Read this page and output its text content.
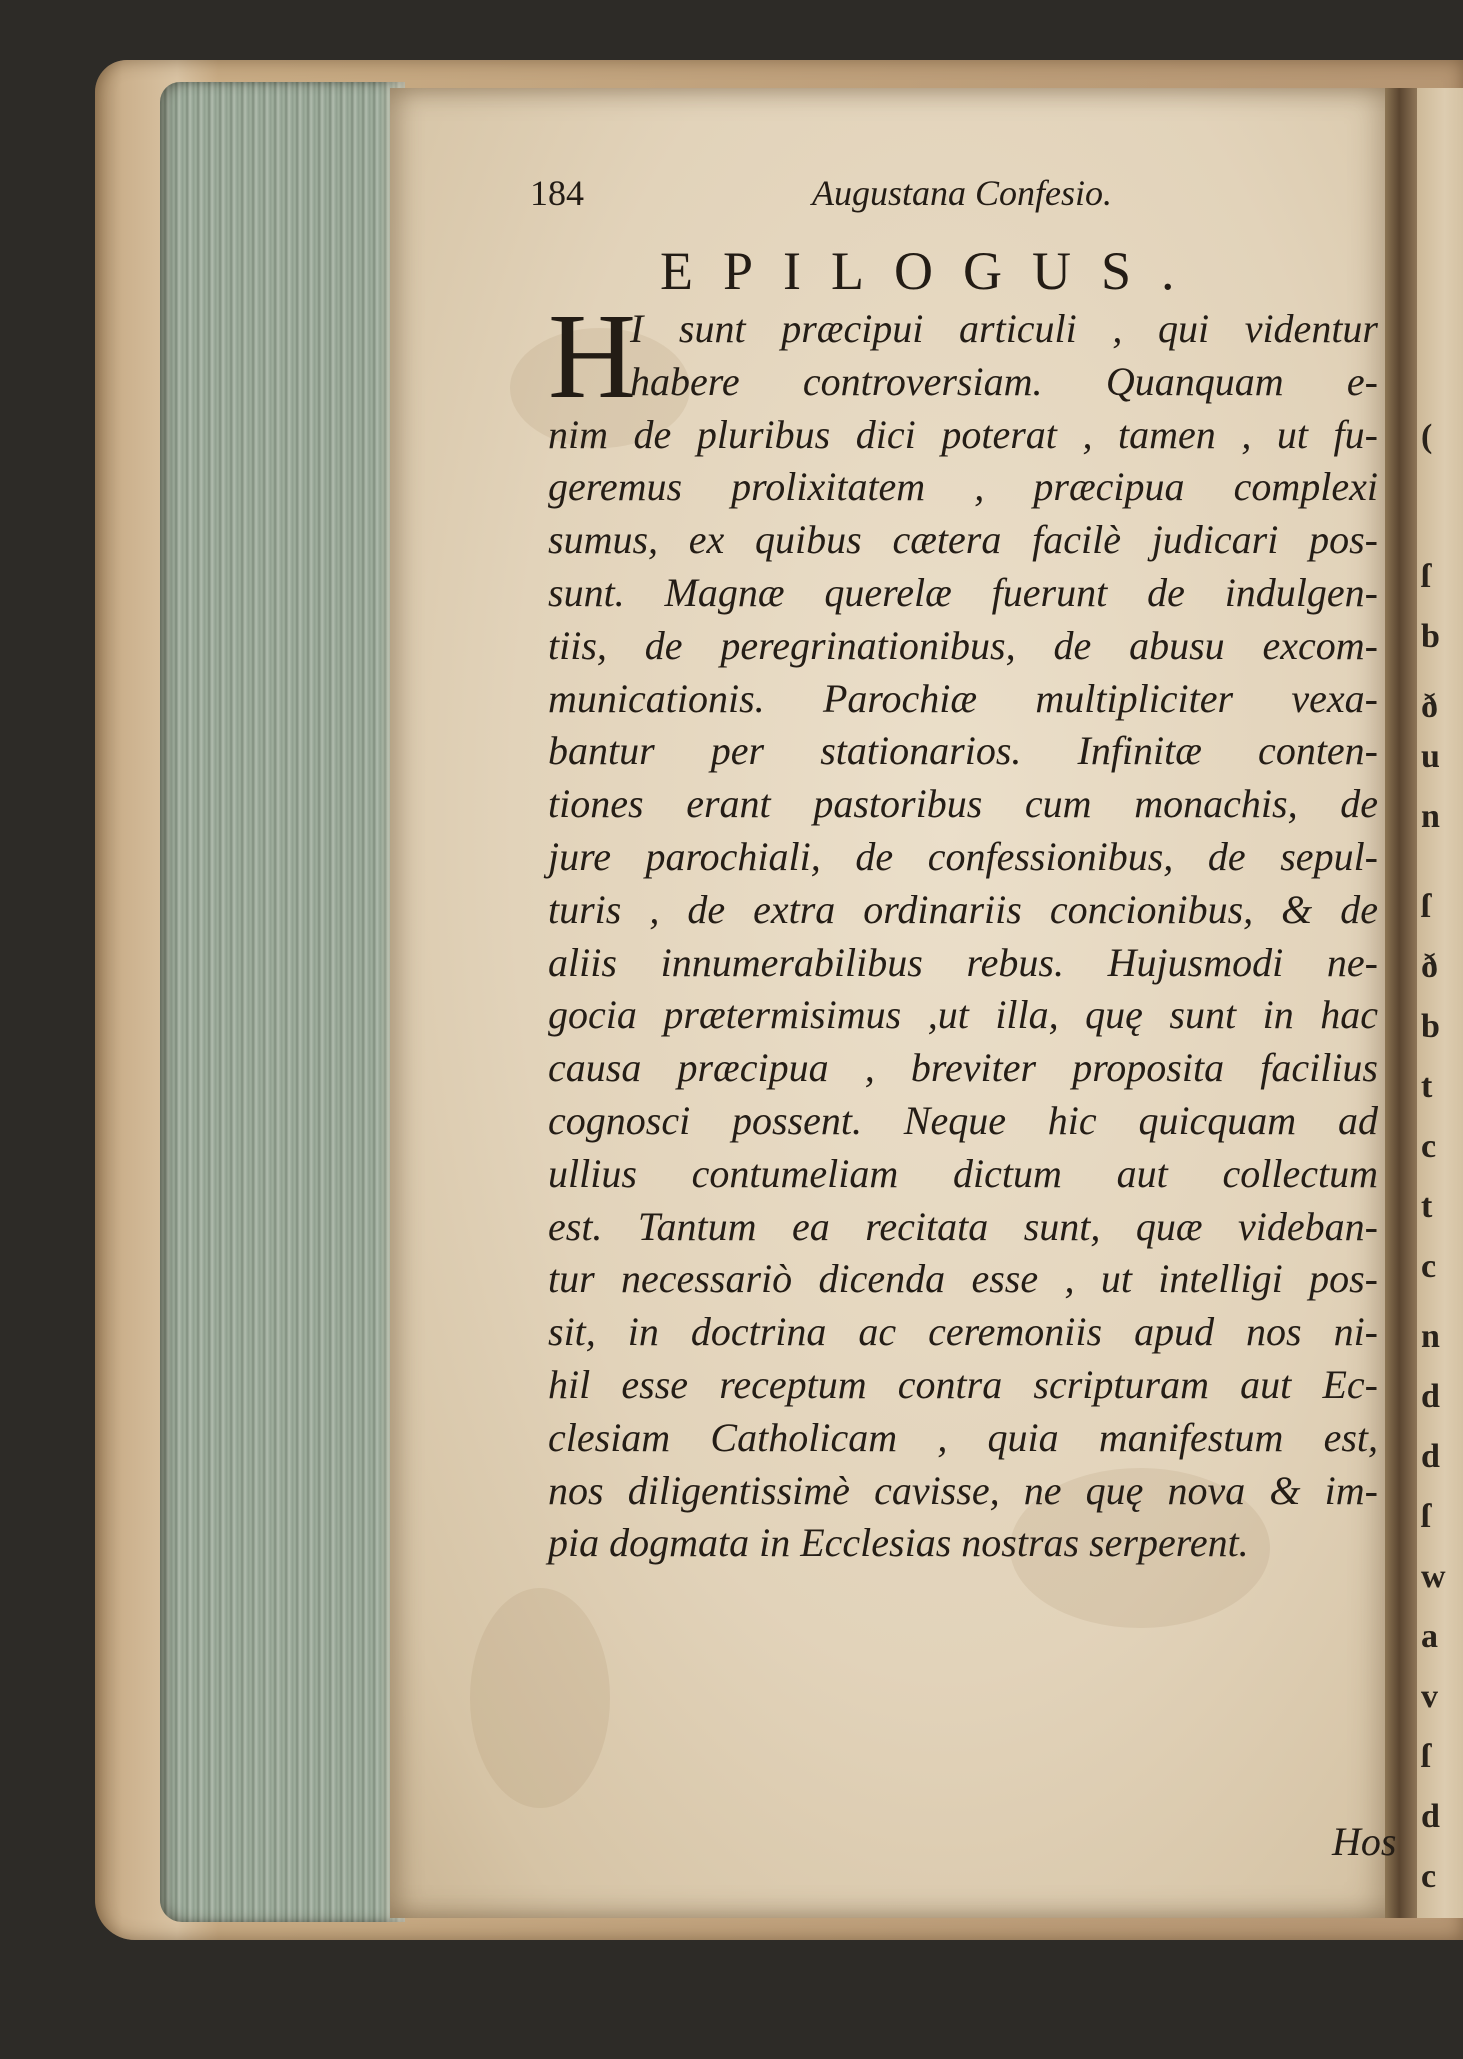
(
ſ
b
ð
u
n
ſ
ð
b
t
c
t
c
n
d
d
ſ
w
a
v
ſ
d
c
184	Augustana Confesio.
EPILOGUS.
H
I sunt præcipui articuli , qui videntur
habere controversiam. Quanquam e-
nim de pluribus dici poterat , tamen , ut fu-
geremus prolixitatem , præcipua complexi
sumus, ex quibus cætera facilè judicari pos-
sunt. Magnæ querelæ fuerunt de indulgen-
tiis, de peregrinationibus, de abusu excom-
municationis. Parochiæ multipliciter vexa-
bantur per stationarios. Infinitæ conten-
tiones erant pastoribus cum monachis, de
jure parochiali, de confessionibus, de sepul-
turis , de extra ordinariis concionibus, & de
aliis innumerabilibus rebus. Hujusmodi ne-
gocia prætermisimus ,ut illa, quę sunt in hac
causa præcipua , breviter proposita facilius
cognosci possent. Neque hic quicquam ad
ullius contumeliam dictum aut collectum
est. Tantum ea recitata sunt, quæ videban-
tur necessariò dicenda esse , ut intelligi pos-
sit, in doctrina ac ceremoniis apud nos ni-
hil esse receptum contra scripturam aut Ec-
clesiam Catholicam , quia manifestum est,
nos diligentissimè cavisse, ne quę nova & im-
pia dogmata in Ecclesias nostras serperent.
Hos
